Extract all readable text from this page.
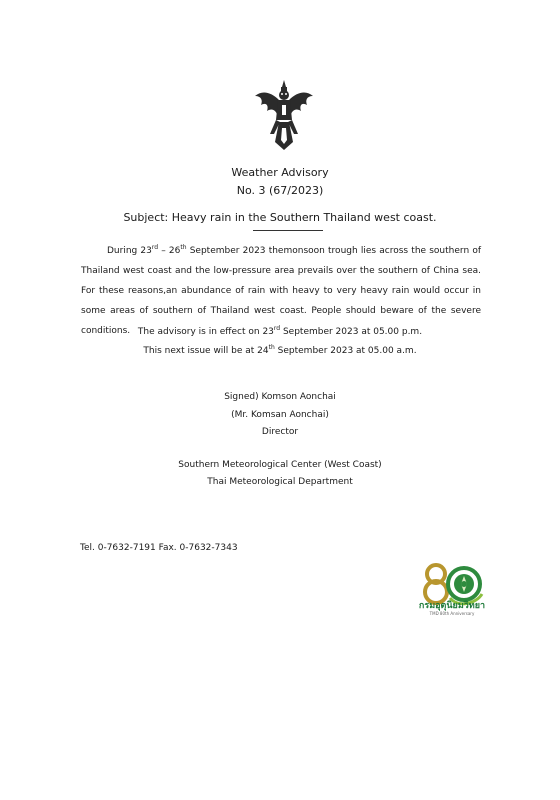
Weather Advisory
No. 3 (67/2023)
Subject: Heavy rain in the Southern Thailand west coast.
During 23rd – 26th September 2023 themonsoon trough lies across the southern of Thailand west coast and the low-pressure area prevails over the southern of China sea. For these reasons,an abundance of rain with heavy to very heavy rain would occur in some areas of southern of Thailand west coast. People should beware of the severe conditions. The advisory is in effect on 23rd September 2023 at 05.00 p.m.
This next issue will be at 24th September 2023 at 05.00 a.m.
Signed) Komson Aonchai
(Mr. Komsan Aonchai)
Director
Southern Meteorological Center (West Coast)
Thai Meteorological Department
Tel. 0-7632-7191 Fax. 0-7632-7343
กรมอุตุนิยมวิทยา
TMD 80th Anniversary
